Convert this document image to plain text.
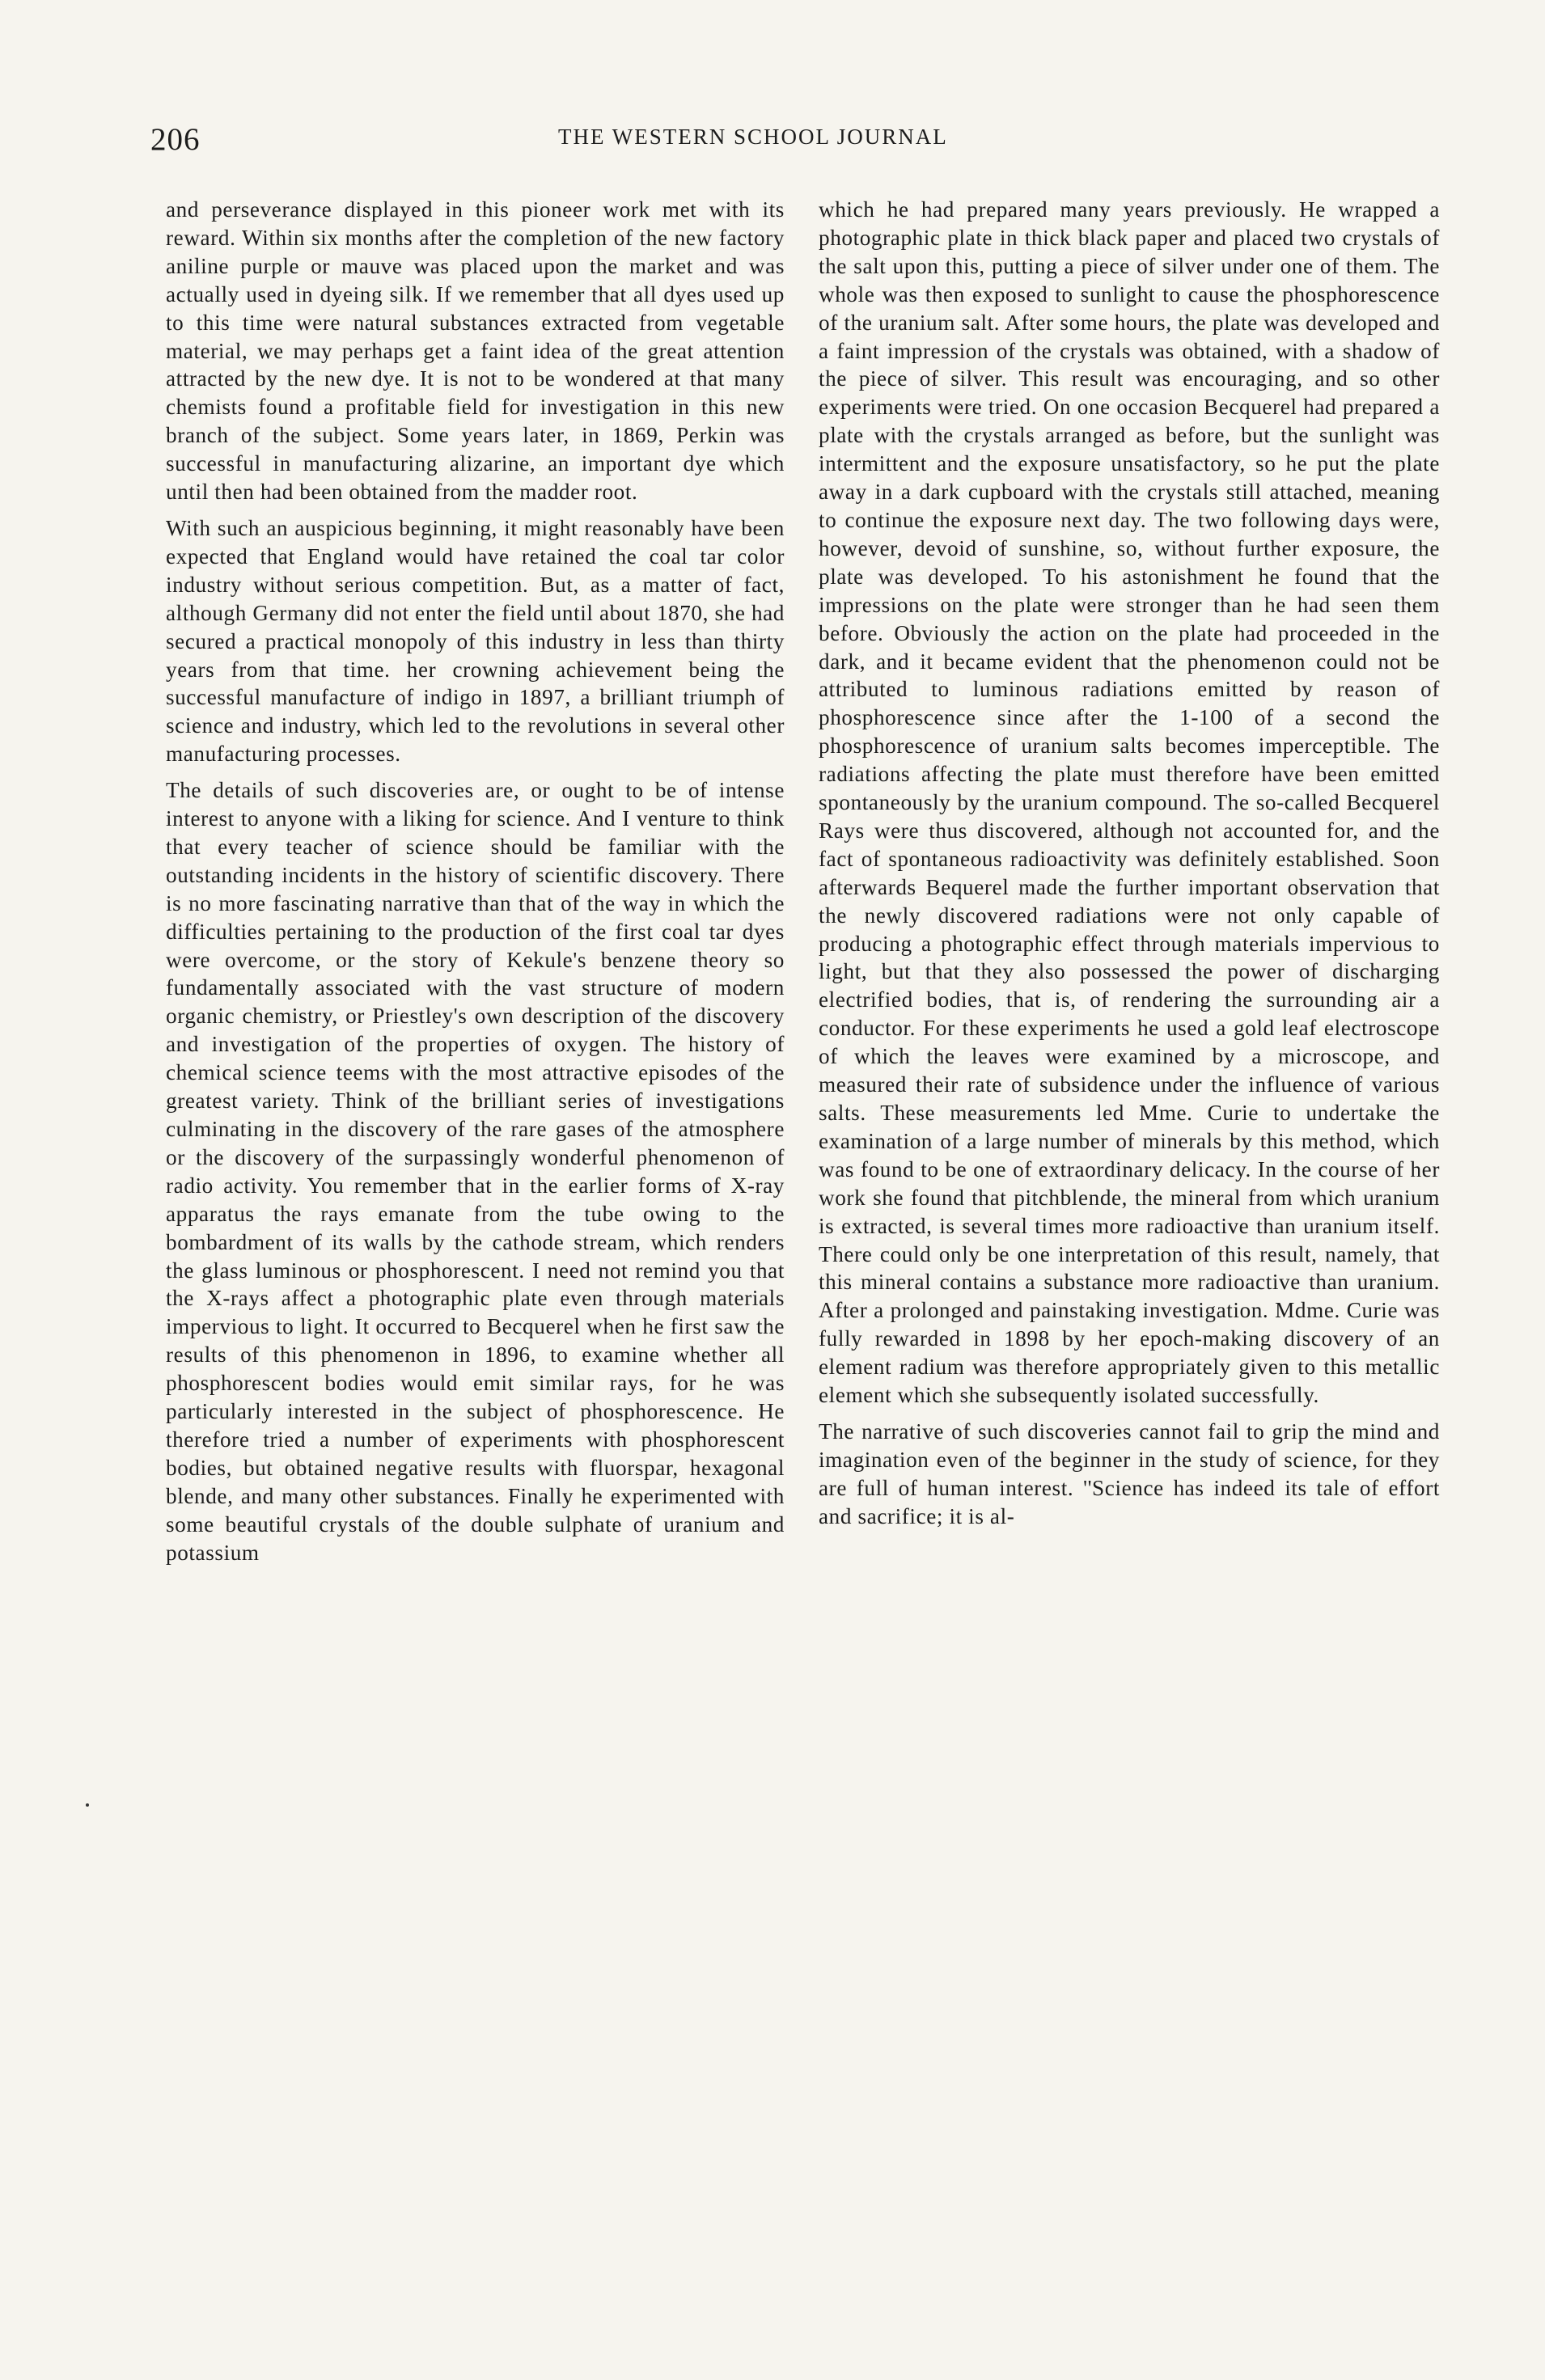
206	THE WESTERN SCHOOL JOURNAL

and perseverance displayed in this pioneer work met with its reward. Within six months after the completion of the new factory aniline purple or mauve was placed upon the market and was actually used in dyeing silk. If we remember that all dyes used up to this time were natural substances extracted from vegetable material, we may perhaps get a faint idea of the great attention attracted by the new dye. It is not to be wondered at that many chemists found a profitable field for investigation in this new branch of the subject. Some years later, in 1869, Perkin was successful in manufacturing alizarine, an important dye which until then had been obtained from the madder root.

With such an auspicious beginning, it might reasonably have been expected that England would have retained the coal tar color industry without serious competition. But, as a matter of fact, although Germany did not enter the field until about 1870, she had secured a practical monopoly of this industry in less than thirty years from that time. her crowning achievement being the successful manufacture of indigo in 1897, a brilliant triumph of science and industry, which led to the revolutions in several other manufacturing processes.

The details of such discoveries are, or ought to be of intense interest to anyone with a liking for science. And I venture to think that every teacher of science should be familiar with the outstanding incidents in the history of scientific discovery. There is no more fascinating narrative than that of the way in which the difficulties pertaining to the production of the first coal tar dyes were overcome, or the story of Kekule's benzene theory so fundamentally associated with the vast structure of modern organic chemistry, or Priestley's own description of the discovery and investigation of the properties of oxygen. The history of chemical science teems with the most attractive episodes of the greatest variety. Think of the brilliant series of investigations culminating in the discovery of the rare gases of the atmosphere or the discovery of the surpassingly wonderful phenomenon of radio activity. You remember that in the earlier forms of X-ray apparatus the rays emanate from the tube owing to the bombardment of its walls by the cathode stream, which renders the glass luminous or phosphorescent. I need not remind you that the X-rays affect a photographic plate even through materials impervious to light. It occurred to Becquerel when he first saw the results of this phenomenon in 1896, to examine whether all phosphorescent bodies would emit similar rays, for he was particularly interested in the subject of phosphorescence. He therefore tried a number of experiments with phosphorescent bodies, but obtained negative results with fluorspar, hexagonal blende, and many other substances. Finally he experimented with some beautiful crystals of the double sulphate of uranium and potassium

which he had prepared many years previously. He wrapped a photographic plate in thick black paper and placed two crystals of the salt upon this, putting a piece of silver under one of them. The whole was then exposed to sunlight to cause the phosphorescence of the uranium salt. After some hours, the plate was developed and a faint impression of the crystals was obtained, with a shadow of the piece of silver. This result was encouraging, and so other experiments were tried. On one occasion Becquerel had prepared a plate with the crystals arranged as before, but the sunlight was intermittent and the exposure unsatisfactory, so he put the plate away in a dark cupboard with the crystals still attached, meaning to continue the exposure next day. The two following days were, however, devoid of sunshine, so, without further exposure, the plate was developed. To his astonishment he found that the impressions on the plate were stronger than he had seen them before. Obviously the action on the plate had proceeded in the dark, and it became evident that the phenomenon could not be attributed to luminous radiations emitted by reason of phosphorescence since after the 1-100 of a second the phosphorescence of uranium salts becomes imperceptible. The radiations affecting the plate must therefore have been emitted spontaneously by the uranium compound. The so-called Becquerel Rays were thus discovered, although not accounted for, and the fact of spontaneous radioactivity was definitely established. Soon afterwards Bequerel made the further important observation that the newly discovered radiations were not only capable of producing a photographic effect through materials impervious to light, but that they also possessed the power of discharging electrified bodies, that is, of rendering the surrounding air a conductor. For these experiments he used a gold leaf electroscope of which the leaves were examined by a microscope, and measured their rate of subsidence under the influence of various salts. These measurements led Mme. Curie to undertake the examination of a large number of minerals by this method, which was found to be one of extraordinary delicacy. In the course of her work she found that pitchblende, the mineral from which uranium is extracted, is several times more radioactive than uranium itself. There could only be one interpretation of this result, namely, that this mineral contains a substance more radioactive than uranium. After a prolonged and painstaking investigation. Mdme. Curie was fully rewarded in 1898 by her epoch-making discovery of an element radium was therefore appropriately given to this metallic element which she subsequently isolated successfully.

The narrative of such discoveries cannot fail to grip the mind and imagination even of the beginner in the study of science, for they are full of human interest. ''Science has indeed its tale of effort and sacrifice; it is al-
